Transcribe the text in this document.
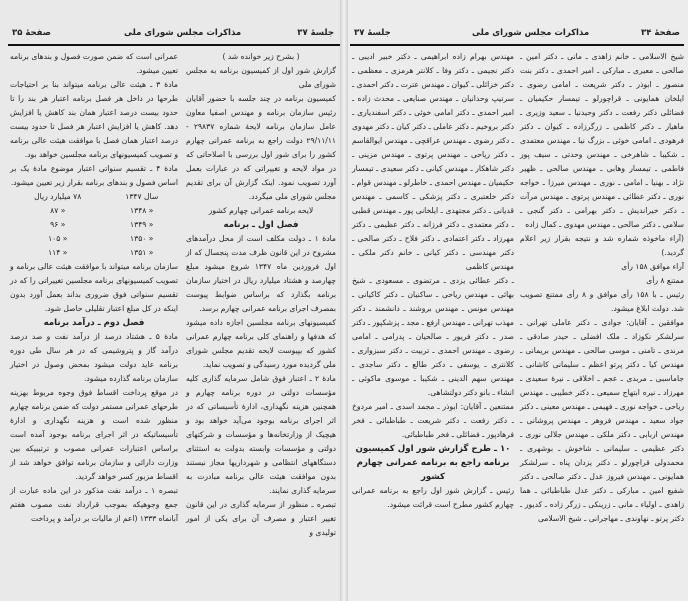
صفحهٔ ۳۵	مذاکرات مجلس شورای ملی	جلسهٔ ۳۷

( بشرح زیر خوانده شد )

گزارش شور اول از کمیسیون برنامه به مجلس شورای ملی

کمیسیون برنامه در چند جلسه با حضور آقایان رئیس سازمان برنامه و مهندس اصفیا معاون عامل سازمان برنامه لایحهٔ شماره ۲۹۸۳۷ - ۲۹/۱۱/۱۱ دولت راجع به برنامه عمرانی چهارم کشور را برای شور اول بررسی با اصلاحاتی که در مواد لایحه و تغییراتی که در عبارات بعمل آورد تصویب نمود. اینک گزارش آن برای تقدیم مجلس شورای ملی میگردد.

لایحه برنامه عمرانی چهارم کشور

فصل اول ـ برنامه

مادهٔ ۱ ـ دولت مکلف است از محل درآمدهای مشروح در این قانون ظرف مدت پنجسال که از اول فروردین ماه ۱۳۴۷ شروع میشود مبلغ چهارصد و هشتاد میلیارد ریال در اختیار سازمان برنامه بگذارد که براساس ضوابط پیوست بمصرف اجرای برنامه عمرانی چهارم برسد.

کمیسیونهای برنامه مجلسین اجازه داده میشود که هدفها و راهنمای کلی برنامه چهارم عمرانی کشور که بپیوست لایحه تقدیم مجلس شورای ملی گردیده مورد رسیدگی و تصویب نماید.

مادهٔ ۲ ـ اعتبار فوق شامل سرمایه گذاری کلیه مؤسسات دولتی در دوره برنامه چهارم و همچنین هزینه نگهداری، ادارهٔ تأسیساتی که در اثر اجرای برنامه بوجود می‌آید خواهد بود و هیچیک از وزارتخانه‌ها و مؤسسات و شرکتهای دولتی و مؤسسات وابسته بدولت به استثنای دستگاههای انتظامی و شهرداریها مجاز نیستند بدون موافقت هیئت عالی برنامه مبادرت به سرمایه گذاری نمایند.

تبصره ـ منظور از سرمایه گذاری در این قانون تغییر اعتبار و مصرف آن برای یکی از امور تولیدی و

عمرانی است که ضمن صورت فصول و بندهای برنامه تعیین میشود.

مادهٔ ۳ ـ هیئت عالی برنامه میتواند بنا بر احتیاجات طرحها در داخل هر فصل برنامه اعتبار هر بند را تا حدود بیست درصد اعتبار همان بند کاهش یا افزایش دهد. کاهش یا افزایش اعتبار هر فصل تا حدود بیست درصد اعتبار همان فصل با موافقت هیئت عالی برنامه و تصویب کمیسیونهای برنامه مجلسین خواهد بود.

مادهٔ ۴ ـ تقسیم سنواتی اعتبار موضوع مادهٔ یک بر اساس فصول و بندهای برنامه بقرار زیر تعیین میشود.

سال ۱۳۴۷	۷۸ میلیارد ریال
« ۱۳۴۸	« ۸۷
« ۱۳۴۹	« ۹۶
« ۱۳۵۰	« ۱۰۵
« ۱۳۵۱	« ۱۱۴

سازمان برنامه میتواند با موافقت هیئت عالی برنامه و تصویب کمیسیونهای برنامه مجلسین تغییراتی را که در تقسیم سنواتی فوق ضروری بداند بعمل آورد بدون اینکه در کل مبلغ اعتبار تقلیلی حاصل شود.

فصل دوم ـ درآمد برنامه

مادهٔ ۵ ـ هشتاد درصد از درآمد نفت و صد درصد درآمد گاز و پتروشیمی که در هر سال طی دوره برنامه عاید دولت میشود بمحض وصول در اختیار سازمان برنامه گذارده میشود.

در موقع پرداخت اقساط فوق وجوه مربوط بهزینه طرحهای عمرانی مستمر دولت که ضمن برنامه چهارم منظور شده است و هزینه نگهداری و ادارهٔ تأسیساتیکه در اثر اجرای برنامه بوجود آمده است براساس اعتبارات عمرانی مصوب و ترتیبیکه بین وزارت دارائی و سازمان برنامه توافق خواهد شد از اقساط مزبور کسر خواهد گردید.

تبصره ۱ ـ درآمد نفت مذکور در این ماده عبارت از جمع وجوهیکه بموجب قرارداد نفت مصوب هفتم آبانماه ۱۳۳۳ (اعم از مالیات بر درآمد و پرداخت

جلسهٔ ۳۷	مذاکرات مجلس شورای ملی	صفحهٔ ۳۴

شیخ الاسلامی ـ خانم زاهدی ـ مانی ـ دکتر امین ـ صالحی ـ معیری ـ مبارکی ـ امیر احمدی ـ دکتر بنت منصور ـ ابوذر ـ دکتر شریعت ـ امامی رضوی ـ ایلخان همایونی ـ قراچورلو ـ تیمسار حکیمیان ـ فضائلی دکتر رفعت ـ دکتر وحیدنیا ـ سعید وزیری ـ ماهیار ـ دکتر کاظمی ـ زرگرزاده ـ کیوان ـ دکتر فرهودی ـ امامی خوئی ـ بزرگ نیا ـ مهندس معتمدی ـ شکیبا ـ شاهرخی ـ مهندس وحدتی ـ سیف پور فاطمی ـ تیمسار وهابی ـ مهندس صالحی ـ ظهیر نژاد ـ بهنیا ـ امامی ـ نوری ـ مهندس میرزا ـ خواجه نوری ـ دکتر عطائی ـ مهندس پرتوی ـ مهندس مرآت ـ دکتر خیراندیش ـ دکتر بهرامی ـ دکتر گنجی ـ سلامی ـ دکتر صالحی ـ مهندس مهدوی ـ کمال زاده

(آراء ماخوذه شماره شد و نتیجه بقرار زیر اعلام گردید.)

آراء موافق ۱۵۸ رأی

ممتنع ۸ رأی

رئیس ـ با ۱۵۸ رأی موافق و ۸ رأی ممتنع تصویب شد. دولت ابلاغ میشود.

موافقین ـ آقایان: جوادی ـ دکتر عاملی تهرانی ـ سرلشکر نکوزاد ـ ملک افضلی ـ حیدر صادقی ـ مرندی ـ تامنی ـ موسی صالحی ـ مهندس بریمانی ـ مهندس کیا ـ دکتر پرتو اعظم ـ سلیمانی کاشانی ـ جاماسبی ـ مربدی ـ عجم ـ اخلاقی ـ نیرهٔ سعیدی ـ مهرزاد ـ نیره ابتهاج سمیعی ـ دکتر خطیبی ـ مهندس ریاحی ـ خواجه نوری ـ فهیمی ـ مهندس معینی ـ دکتر جواد سعید ـ مهندس فروهر ـ مهندس پروشانی ـ مهندس اربابی ـ دکتر ملکی ـ مهندس جلالی نوری ـ دکتر عظیمی ـ سلیمانی ـ شاخوش ـ بوشهری ـ محمدولی قراچورلو ـ دکتر یزدان پناه ـ سرلشکر همایونی ـ مهندس فیروز عدل ـ دکتر صالحی ـ دکتر شفیع امین ـ مبارکی ـ دکتر عدل طباطبائی ـ هما زاهدی ـ اولیاء ـ مانی ـ زرینکی ـ زرگر زاده ـ کدیور ـ دکتر پرتو ـ نهاوندی ـ مهاجرانی ـ شیخ الاسلامی

مهندس بهرام زاده ابراهیمی ـ دکتر خبیر ادیبی ـ دکتر نجیمی ـ دکتر وفا ـ کلانتر هرمزی ـ معظمی ـ دکتر خزائلی ـ کیوان ـ مهندس عترت ـ دکتر احمدی ـ سرتیپ وحدانیان ـ مهندس صنایعی ـ محدث زاده ـ امیر احمدی ـ دکتر امامی خوئی ـ دکتر اسفندیاری ـ دکتر بروخیم ـ دکتر عاملی ـ دکتر کیان ـ دکتر مهدوی ـ دکتر رضوی ـ مهندس عراقچی ـ مهندس ایوالقاسم ـ دکتر ریاحی ـ مهندس پرتوی ـ مهندس مزینی ـ دکتر شاهکار ـ مهندس کیانی ـ دکتر سعیدی ـ تیمسار حکیمیان ـ مهندس احمدی ـ خاطرلو ـ مهندس قوام ـ دکتر خلعتبری ـ دکتر پزشکی ـ کاسمی ـ مهندس قدیانی ـ دکتر مجتهدی ـ ایلخانی پور ـ مهندس قطبی ـ دکتر معتمدی ـ دکتر فرزانه ـ دکتر عظیمی ـ دکتر مهرزاد ـ دکتر اعتمادی ـ دکتر فلاح ـ دکتر صالحی ـ دکتر مهندسی ـ دکتر کیانی ـ خانم دکتر ملکی ـ مهندس کاظمی

ـ دکتر عطائی یزدی ـ مرتضوی ـ مسعودی ـ شیخ بهائی ـ مهندس ریاحی ـ ساکنیان ـ دکتر کاکیانی ـ مهندس مونس ـ مهندس بروشند ـ دانشمند ـ دکتر مهذب تهرانی ـ مهندس ارفع ـ مجد ـ پزشکپور ـ دکتر صدر ـ دکتر فریور ـ صالحیان ـ پدرامی ـ امامی رضوی ـ مهندس احمدی ـ تربیت ـ دکتر سبزواری ـ کلانتری ـ یوسفی ـ دکتر طالع ـ دکتر ساجدی ـ مهندس سهم الدینی ـ شکیبا ـ موسوی ماکوئی ـ انشاء ـ بانو دکتر دولتشاهی.

ممتنعین ـ آقایان: ابوذر ـ محمد اسدی ـ امیر مردوخ ـ دکتر رفعت ـ دکتر شریعت ـ طباطبائی ـ فخر فرهادپور ـ فضائلی ـ فخر طباطبائی.

۱۰ ـ طرح گزارش شور اول کمیسیون برنامه راجع به برنامه عمرانی چهارم کشور

رئیس ـ گزارش شور اول راجع به برنامه عمرانی چهارم کشور مطرح است قرائت میشود.
